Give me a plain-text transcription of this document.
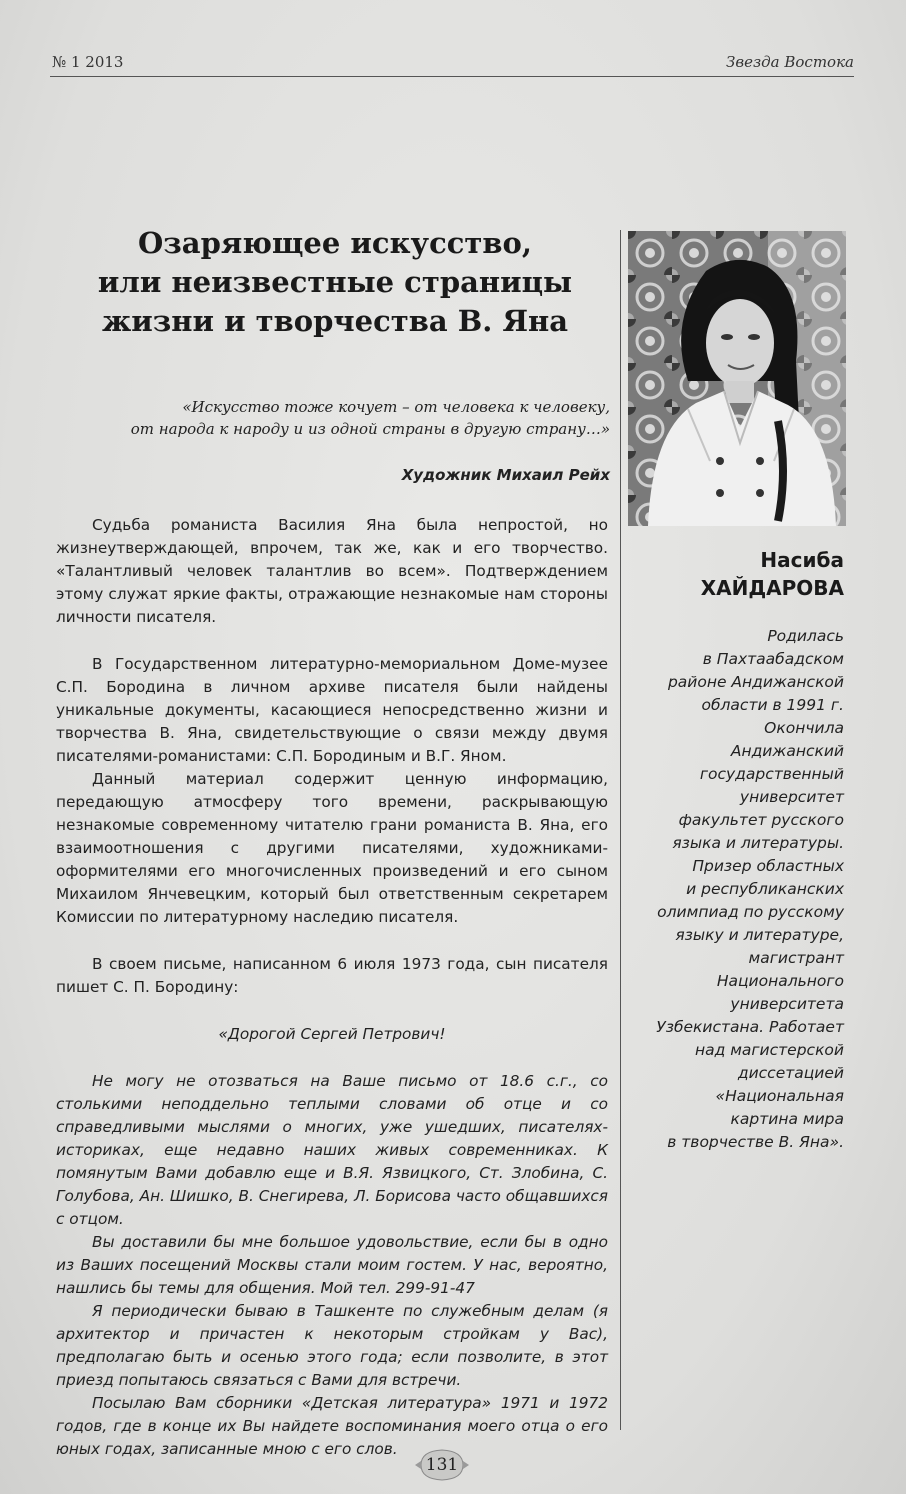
№ 1 2013	Звезда Востока
Озаряющее искусство,
или неизвестные страницы
жизни и творчества В. Яна
«Искусство тоже кочует – от человека к человеку,
от народа к народу и из одной страны в другую страну…»
Художник Михаил Рейх

Судьба романиста Василия Яна была непростой, но жизнеутверждающей, впрочем, так же, как и его творчество. «Талантливый человек талантлив во всем». Подтверждением этому служат яркие факты, отражающие незнакомые нам стороны личности писателя.

В Государственном литературно-мемориальном Доме-музее С.П. Бородина в личном архиве писателя были найдены уникальные документы, касающиеся непосредственно жизни и творчества В. Яна, свидетельствующие о связи между двумя писателями-романистами: С.П. Бородиным и В.Г. Яном.

Данный материал содержит ценную информацию, передающую атмосферу того времени, раскрывающую незнакомые современному читателю грани романиста В. Яна, его взаимоотношения с другими писателями, художниками-оформителями его многочисленных произведений и его сыном Михаилом Янчевецким, который был ответственным секретарем Комиссии по литературному наследию писателя.

В своем письме, написанном 6 июля 1973 года, сын писателя пишет С. П. Бородину:

«Дорогой Сергей Петрович!

Не могу не отозваться на Ваше письмо от 18.6 с.г., со столькими неподдельно теплыми словами об отце и со справедливыми мыслями о многих, уже ушедших, писателях-историках, еще недавно наших живых современниках. К помянутым Вами добавлю еще и В.Я. Язвицкого, Ст. Злобина, С. Голубова, Ан. Шишко, В. Снегирева, Л. Борисова часто общавшихся с отцом.

Вы доставили бы мне большое удовольствие, если бы в одно из Ваших посещений Москвы стали моим гостем. У нас, вероятно, нашлись бы темы для общения. Мой тел. 299-91-47

Я периодически бываю в Ташкенте по служебным делам (я архитектор и причастен к некоторым стройкам у Вас), предполагаю быть и осенью этого года; если позволите, в этот приезд попытаюсь связаться с Вами для встречи.

Посылаю Вам сборники «Детская литература» 1971 и 1972 годов, где в конце их Вы найдете воспоминания моего отца о его юных годах, записанные мною с его слов.

Насиба
ХАЙДАРОВА
Родилась
в Пахтаабадском
районе Андижанской
области в 1991 г.
Окончила
Андижанский
государственный
университет
факультет русского
языка и литературы.
Призер областных
и республиканских
олимпиад по русскому
языку и литературе,
магистрант
Национального
университета
Узбекистана. Работает
над магистерской
диссетацией
«Национальная
картина мира
в творчестве В. Яна».
131
